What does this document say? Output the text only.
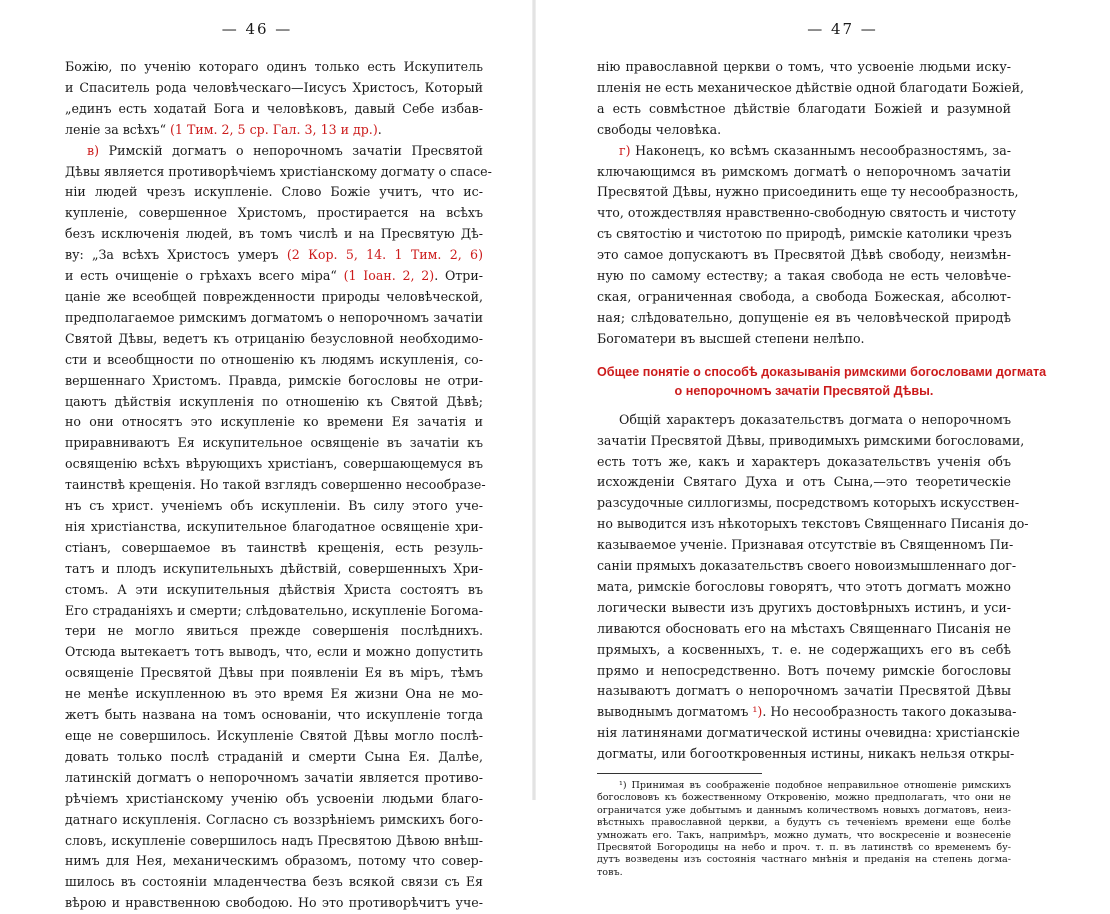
— 46 —
Божiю, по ученiю котораго одинъ только есть Искупитель
и Спаситель рода человѣческаго—Iисусъ Христосъ, Который
„единъ есть ходатай Бога и человѣковъ, давый Себе избав-
ленiе за всѣхъ“ (1 Тим. 2, 5 ср. Гал. 3, 13 и др.).
в) Римскiй догматъ о непорочномъ зачатiи Пресвятой
Дѣвы является противорѣчiемъ христiанскому догмату о спасе-
нiи людей чрезъ искупленiе. Слово Божiе учитъ, что ис-
купленiе, совершенное Христомъ, простирается на всѣхъ
безъ исключенiя людей, въ томъ числѣ и на Пресвятую Дѣ-
ву: „За всѣхъ Христосъ умеръ (2 Кор. 5, 14. 1 Тим. 2, 6)
и есть очищенiе о грѣхахъ всего мiра“ (1 Iоан. 2, 2). Отри-
цанiе же всеобщей поврежденности природы человѣческой,
предполагаемое римскимъ догматомъ о непорочномъ зачатiи
Святой Дѣвы, ведетъ къ отрицанiю безусловной необходимо-
сти и всеобщности по отношенiю къ людямъ искупленiя, со-
вершеннаго Христомъ. Правда, римскiе богословы не отри-
цаютъ дѣйствiя искупленiя по отношенiю къ Святой Дѣвѣ;
но они относятъ это искупленiе ко времени Ея зачатiя и
приравниваютъ Ея искупительное освященiе въ зачатiи къ
освященiю всѣхъ вѣрующихъ христiанъ, совершающемуся въ
таинствѣ крещенiя. Но такой взглядъ совершенно несообразе-
нъ съ христ. ученiемъ объ искупленiи. Въ силу этого уче-
нiя христiанства, искупительное благодатное освященiе хри-
стiанъ, совершаемое въ таинствѣ крещенiя, есть резуль-
татъ и плодъ искупительныхъ дѣйствiй, совершенныхъ Хри-
стомъ. А эти искупительныя дѣйствiя Христа состоятъ въ
Его страданiяхъ и смерти; слѣдовательно, искупленiе Богома-
тери не могло явиться прежде совершенiя послѣднихъ.
Отсюда вытекаетъ тотъ выводъ, что, если и можно допустить
освященiе Пресвятой Дѣвы при появленiи Ея въ мiръ, тѣмъ
не менѣе искупленною въ это время Ея жизни Она не мо-
жетъ быть названа на томъ основанiи, что искупленiе тогда
еще не совершилось. Искупленiе Святой Дѣвы могло послѣ-
довать только послѣ страданiй и смерти Сына Ея. Далѣе,
латинскiй догматъ о непорочномъ зачатiи является противо-
рѣчiемъ христiанскому ученiю объ усвоенiи людьми благо-
датнаго искупленiя. Согласно съ воззрѣнiемъ римскихъ бого-
словъ, искупленiе совершилось надъ Пресвятою Дѣвою внѣш-
нимъ для Нея, механическимъ образомъ, потому что совер-
шилось въ состоянiи младенчества безъ всякой связи съ Ея
вѣрою и нравственною свободою. Но это противорѣчитъ уче-
— 47 —
нiю православной церкви о томъ, что усвоенiе людьми иску-
пленiя не есть механическое дѣйствiе одной благодати Божiей,
а есть совмѣстное дѣйствiе благодати Божiей и разумной
свободы человѣка.
г) Наконецъ, ко всѣмъ сказаннымъ несообразностямъ, за-
ключающимся въ римскомъ догматѣ о непорочномъ зачатiи
Пресвятой Дѣвы, нужно присоединить еще ту несообразность,
что, отождествляя нравственно-свободную святость и чистоту
съ святостiю и чистотою по природѣ, римскiе католики чрезъ
это самое допускаютъ въ Пресвятой Дѣвѣ свободу, неизмѣн-
ную по самому естеству; а такая свобода не есть человѣче-
ская, ограниченная свобода, а свобода Божеская, абсолют-
ная; слѣдовательно, допущенiе ея въ человѣческой природѣ
Богоматери въ высшей степени нелѣпо.
Общее понятiе о способѣ доказыванiя римскими богословами догмата
о непорочномъ зачатiи Пресвятой Дѣвы.
Общiй характеръ доказательствъ догмата о непорочномъ
зачатiи Пресвятой Дѣвы, приводимыхъ римскими богословами,
есть тотъ же, какъ и характеръ доказательствъ ученiя объ
исхожденiи Святаго Духа и отъ Сына,—это теоретическiе
разсудочные силлогизмы, посредствомъ которыхъ искусствен-
но выводится изъ нѣкоторыхъ текстовъ Священнаго Писанiя до-
казываемое ученiе. Признавая отсутствiе въ Священномъ Пи-
санiи прямыхъ доказательствъ своего новоизмышленнаго дог-
мата, римскiе богословы говорятъ, что этотъ догматъ можно
логически вывести изъ другихъ достовѣрныхъ истинъ, и уси-
ливаются обосновать его на мѣстахъ Священнаго Писанiя не
прямыхъ, а косвенныхъ, т. е. не содержащихъ его въ себѣ
прямо и непосредственно. Вотъ почему римскiе богословы
называютъ догматъ о непорочномъ зачатiи Пресвятой Дѣвы
выводнымъ догматомъ ¹). Но несообразность такого доказыва-
нiя латинянами догматической истины очевидна: христiанскiе
догматы, или богооткровенныя истины, никакъ нельзя откры-
¹) Принимая въ соображенiе подобное неправильное отношенiе римскихъ
богослововъ къ божественному Откровенiю, можно предполагать, что они не
ограничатся уже добытымъ и даннымъ количествомъ новыхъ догматовъ, неиз-
вѣстныхъ православной церкви, а будутъ съ теченiемъ времени еще болѣе
умножать его. Такъ, напримѣръ, можно думать, что воскресенiе и вознесенiе
Пресвятой Богородицы на небо и проч. т. п. въ латинствѣ со временемъ бу-
дутъ возведены изъ состоянiя частнаго мнѣнiя и преданiя на степень догма-
товъ.
